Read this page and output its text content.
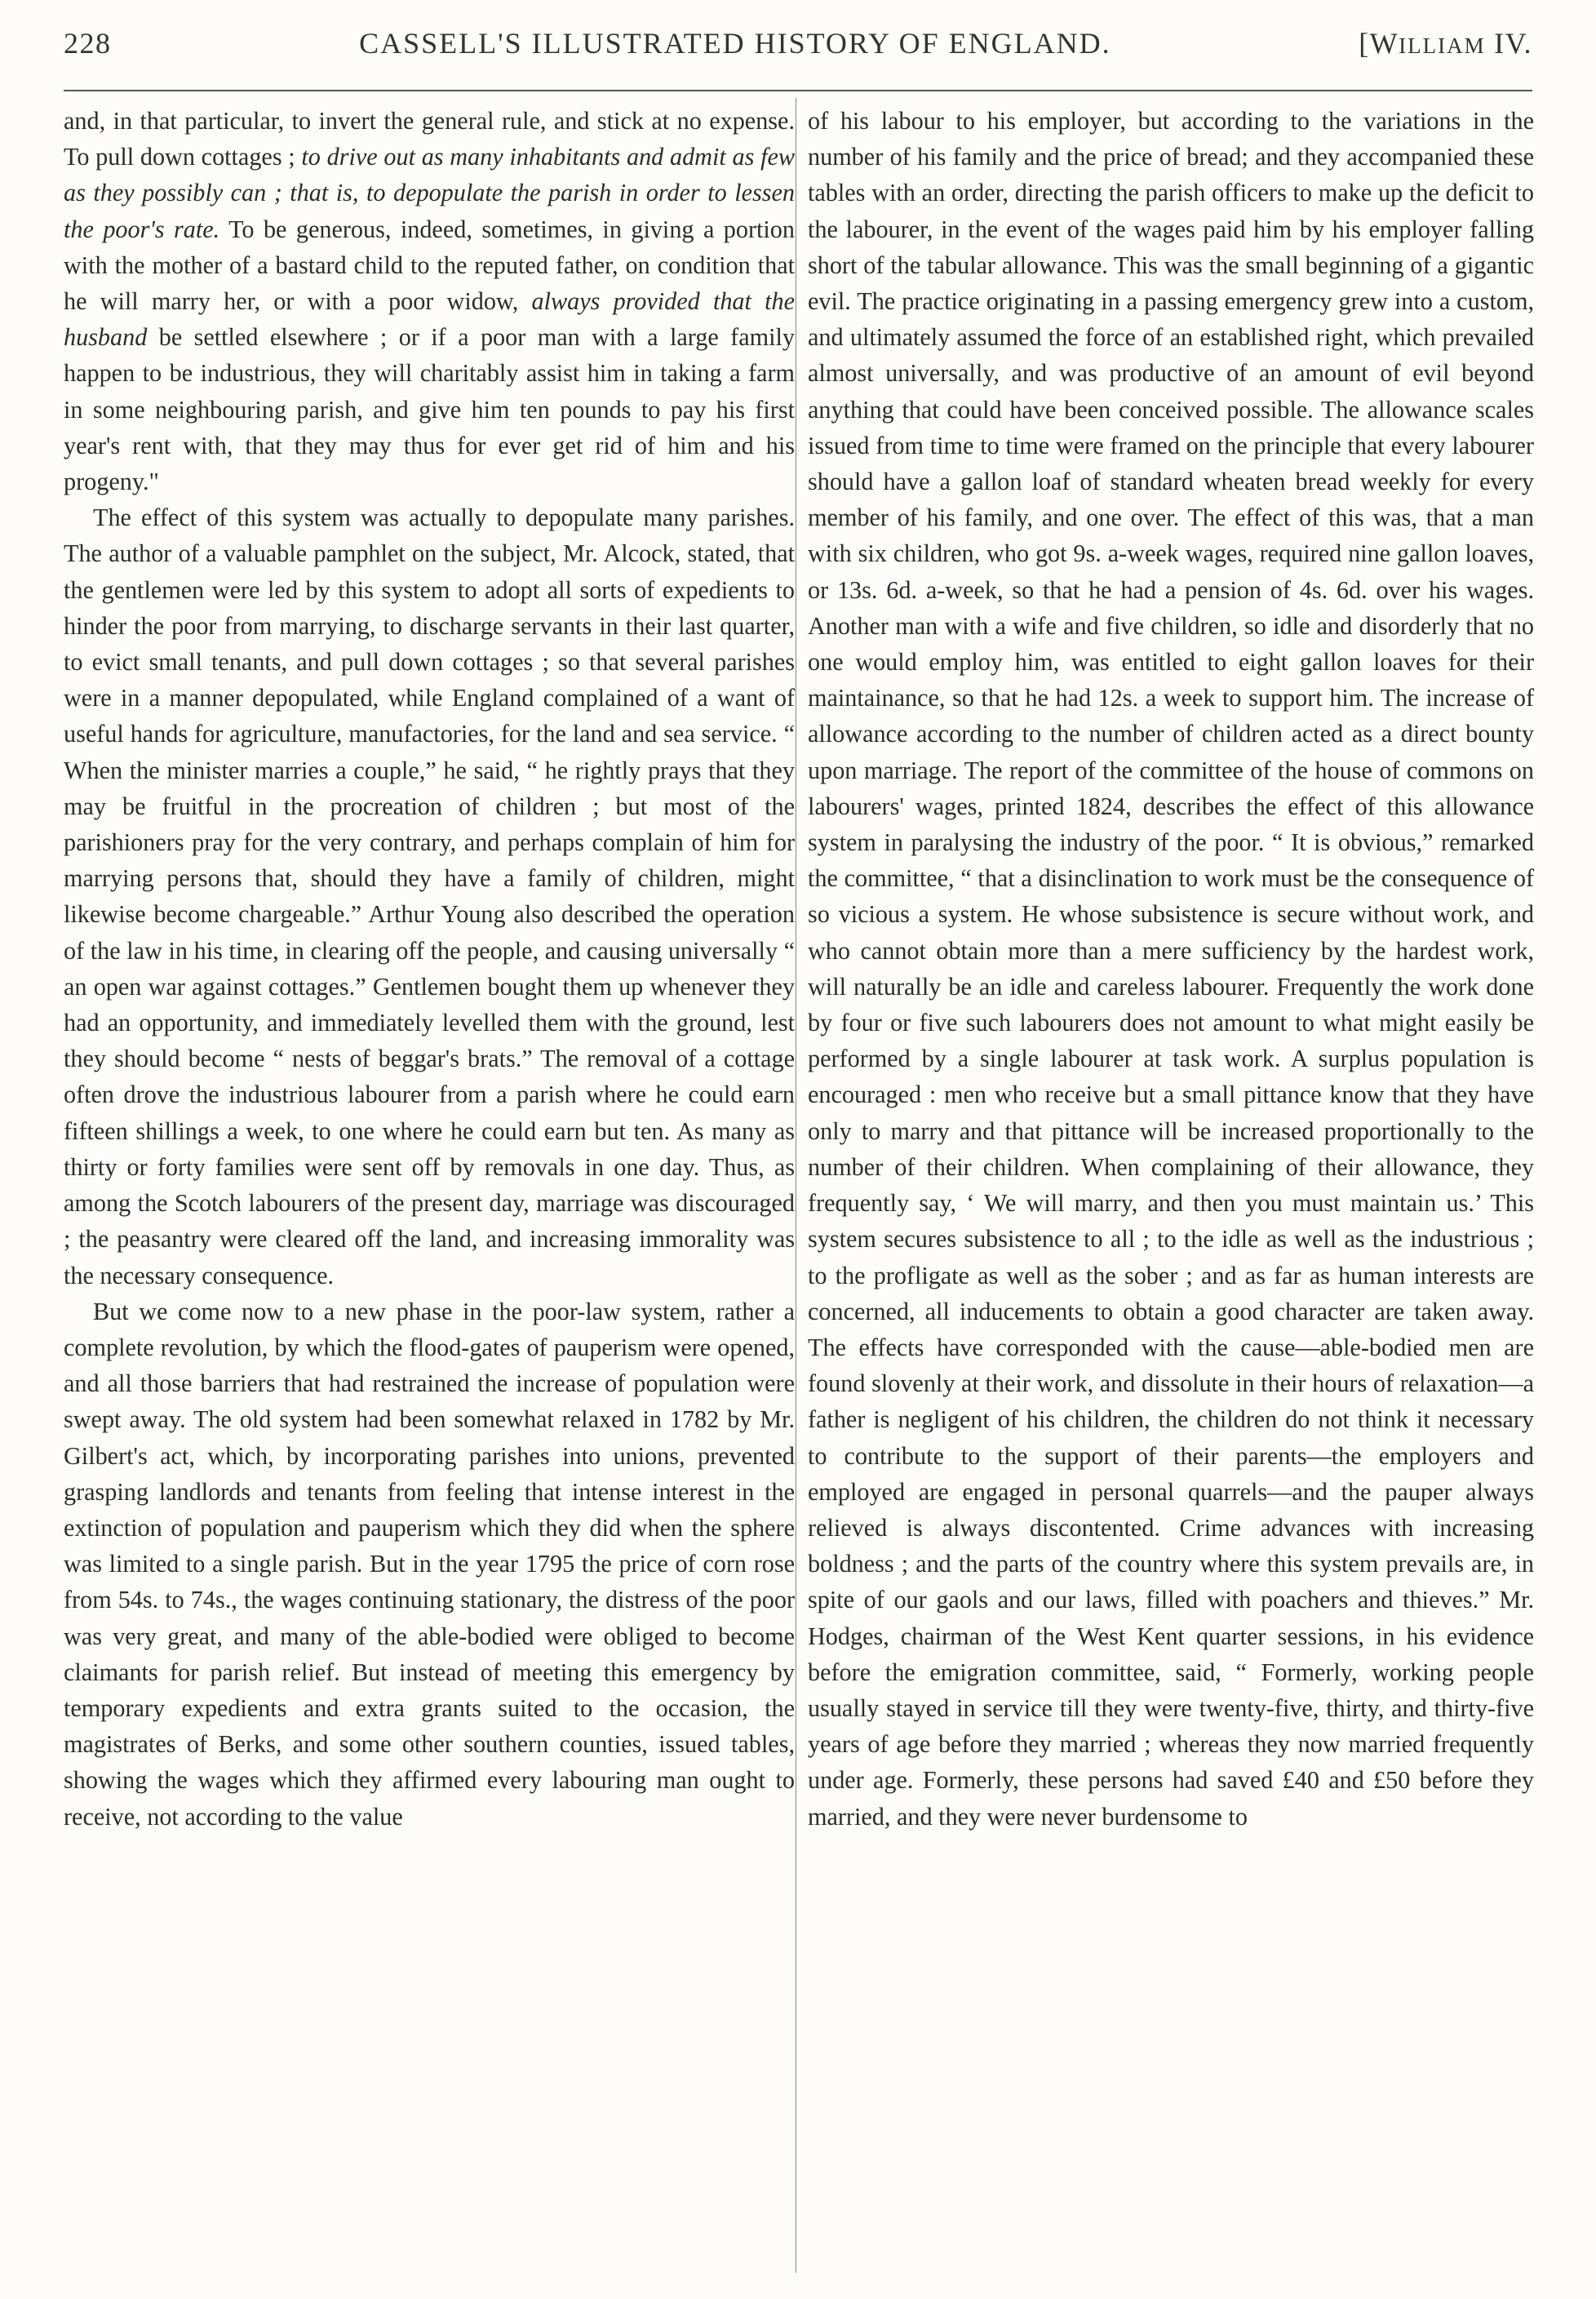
228	CASSELL'S ILLUSTRATED HISTORY OF ENGLAND.	[WILLIAM IV.

and, in that particular, to invert the general rule, and stick at no expense. To pull down cottages ; to drive out as many inhabitants and admit as few as they possibly can ; that is, to depopulate the parish in order to lessen the poor's rate. To be generous, indeed, sometimes, in giving a portion with the mother of a bastard child to the reputed father, on condition that he will marry her, or with a poor widow, always provided that the husband be settled elsewhere ; or if a poor man with a large family happen to be industrious, they will charitably assist him in taking a farm in some neighbouring parish, and give him ten pounds to pay his first year's rent with, that they may thus for ever get rid of him and his progeny."

The effect of this system was actually to depopulate many parishes. The author of a valuable pamphlet on the subject, Mr. Alcock, stated, that the gentlemen were led by this system to adopt all sorts of expedients to hinder the poor from marrying, to discharge servants in their last quarter, to evict small tenants, and pull down cottages ; so that several parishes were in a manner depopulated, while England complained of a want of useful hands for agriculture, manufactories, for the land and sea service. “ When the minister marries a couple,” he said, “ he rightly prays that they may be fruitful in the procreation of children ; but most of the parishioners pray for the very contrary, and perhaps complain of him for marrying persons that, should they have a family of children, might likewise become chargeable.” Arthur Young also described the operation of the law in his time, in clearing off the people, and causing universally “ an open war against cottages.” Gentlemen bought them up whenever they had an opportunity, and immediately levelled them with the ground, lest they should become “ nests of beggar's brats.” The removal of a cottage often drove the industrious labourer from a parish where he could earn fifteen shillings a week, to one where he could earn but ten. As many as thirty or forty families were sent off by removals in one day. Thus, as among the Scotch labourers of the present day, marriage was discouraged ; the peasantry were cleared off the land, and increasing immorality was the necessary consequence.

But we come now to a new phase in the poor-law system, rather a complete revolution, by which the flood-gates of pauperism were opened, and all those barriers that had restrained the increase of population were swept away. The old system had been somewhat relaxed in 1782 by Mr. Gilbert's act, which, by incorporating parishes into unions, prevented grasping landlords and tenants from feeling that intense interest in the extinction of population and pauperism which they did when the sphere was limited to a single parish. But in the year 1795 the price of corn rose from 54s. to 74s., the wages continuing stationary, the distress of the poor was very great, and many of the able-bodied were obliged to become claimants for parish relief. But instead of meeting this emergency by temporary expedients and extra grants suited to the occasion, the magistrates of Berks, and some other southern counties, issued tables, showing the wages which they affirmed every labouring man ought to receive, not according to the value

of his labour to his employer, but according to the variations in the number of his family and the price of bread; and they accompanied these tables with an order, directing the parish officers to make up the deficit to the labourer, in the event of the wages paid him by his employer falling short of the tabular allowance. This was the small beginning of a gigantic evil. The practice originating in a passing emergency grew into a custom, and ultimately assumed the force of an established right, which prevailed almost universally, and was productive of an amount of evil beyond anything that could have been conceived possible. The allowance scales issued from time to time were framed on the principle that every labourer should have a gallon loaf of standard wheaten bread weekly for every member of his family, and one over. The effect of this was, that a man with six children, who got 9s. a-week wages, required nine gallon loaves, or 13s. 6d. a-week, so that he had a pension of 4s. 6d. over his wages. Another man with a wife and five children, so idle and disorderly that no one would employ him, was entitled to eight gallon loaves for their maintainance, so that he had 12s. a week to support him. The increase of allowance according to the number of children acted as a direct bounty upon marriage. The report of the committee of the house of commons on labourers' wages, printed 1824, describes the effect of this allowance system in paralysing the industry of the poor. “ It is obvious,” remarked the committee, “ that a disinclination to work must be the consequence of so vicious a system. He whose subsistence is secure without work, and who cannot obtain more than a mere sufficiency by the hardest work, will naturally be an idle and careless labourer. Frequently the work done by four or five such labourers does not amount to what might easily be performed by a single labourer at task work. A surplus population is encouraged : men who receive but a small pittance know that they have only to marry and that pittance will be increased proportionally to the number of their children. When complaining of their allowance, they frequently say, ‘ We will marry, and then you must maintain us.’ This system secures subsistence to all ; to the idle as well as the industrious ; to the profligate as well as the sober ; and as far as human interests are concerned, all inducements to obtain a good character are taken away. The effects have corresponded with the cause—able-bodied men are found slovenly at their work, and dissolute in their hours of relaxation—a father is negligent of his children, the children do not think it necessary to contribute to the support of their parents—the employers and employed are engaged in personal quarrels—and the pauper always relieved is always discontented. Crime advances with increasing boldness ; and the parts of the country where this system prevails are, in spite of our gaols and our laws, filled with poachers and thieves.” Mr. Hodges, chairman of the West Kent quarter sessions, in his evidence before the emigration committee, said, “ Formerly, working people usually stayed in service till they were twenty-five, thirty, and thirty-five years of age before they married ; whereas they now married frequently under age. Formerly, these persons had saved £40 and £50 before they married, and they were never burdensome to
